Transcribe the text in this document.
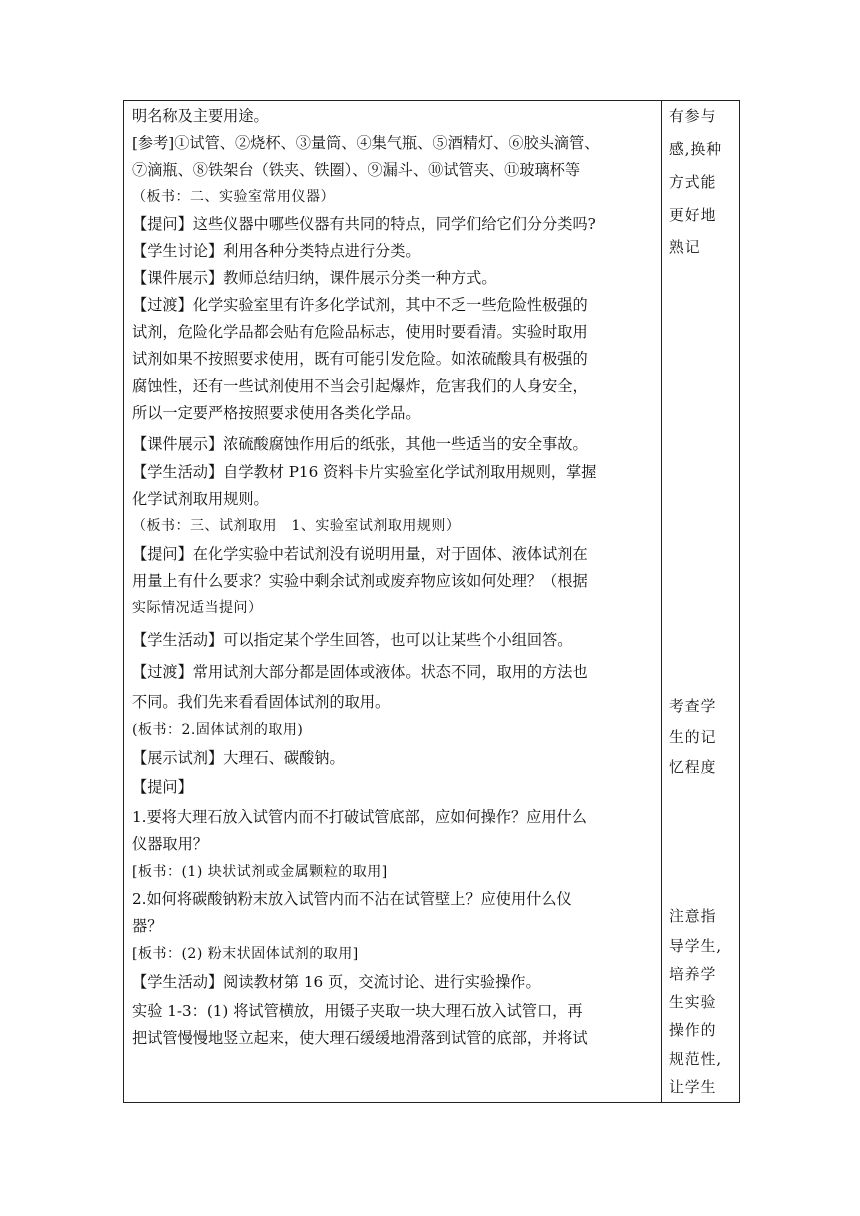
明名称及主要用途。
[参考]①试管、②烧杯、③量筒、④集气瓶、⑤酒精灯、⑥胶头滴管、
⑦滴瓶、⑧铁架台（铁夹、铁圈）、⑨漏斗、⑩试管夹、⑪玻璃杯等
（板书：二、实验室常用仪器）
【提问】这些仪器中哪些仪器有共同的特点，同学们给它们分分类吗?
【学生讨论】利用各种分类特点进行分类。
【课件展示】教师总结归纳，课件展示分类一种方式。
【过渡】化学实验室里有许多化学试剂，其中不乏一些危险性极强的
试剂，危险化学品都会贴有危险品标志，使用时要看清。实验时取用
试剂如果不按照要求使用，既有可能引发危险。如浓硫酸具有极强的
腐蚀性，还有一些试剂使用不当会引起爆炸，危害我们的人身安全，
所以一定要严格按照要求使用各类化学品。
【课件展示】浓硫酸腐蚀作用后的纸张，其他一些适当的安全事故。
【学生活动】自学教材 P16 资料卡片实验室化学试剂取用规则，掌握
化学试剂取用规则。
（板书：三、试剂取用　1、实验室试剂取用规则）
【提问】在化学实验中若试剂没有说明用量，对于固体、液体试剂在
用量上有什么要求？实验中剩余试剂或废弃物应该如何处理？（根据
实际情况适当提问）
【学生活动】可以指定某个学生回答，也可以让某些个小组回答。
【过渡】常用试剂大部分都是固体或液体。状态不同，取用的方法也
不同。我们先来看看固体试剂的取用。
(板书：2.固体试剂的取用)
【展示试剂】大理石、碳酸钠。
【提问】
1.要将大理石放入试管内而不打破试管底部，应如何操作？应用什么
仪器取用？
[板书：(1) 块状试剂或金属颗粒的取用]
2.如何将碳酸钠粉末放入试管内而不沾在试管壁上？应使用什么仪
器？
[板书：(2) 粉末状固体试剂的取用]
【学生活动】阅读教材第 16 页，交流讨论、进行实验操作。
实验 1-3：(1) 将试管横放，用镊子夹取一块大理石放入试管口，再
把试管慢慢地竖立起来，使大理石缓缓地滑落到试管的底部，并将试
有参与
感,换种
方式能
更好地
熟记
考查学
生的记
忆程度
注意指
导学生,
培养学
生实验
操作的
规范性,
让学生
